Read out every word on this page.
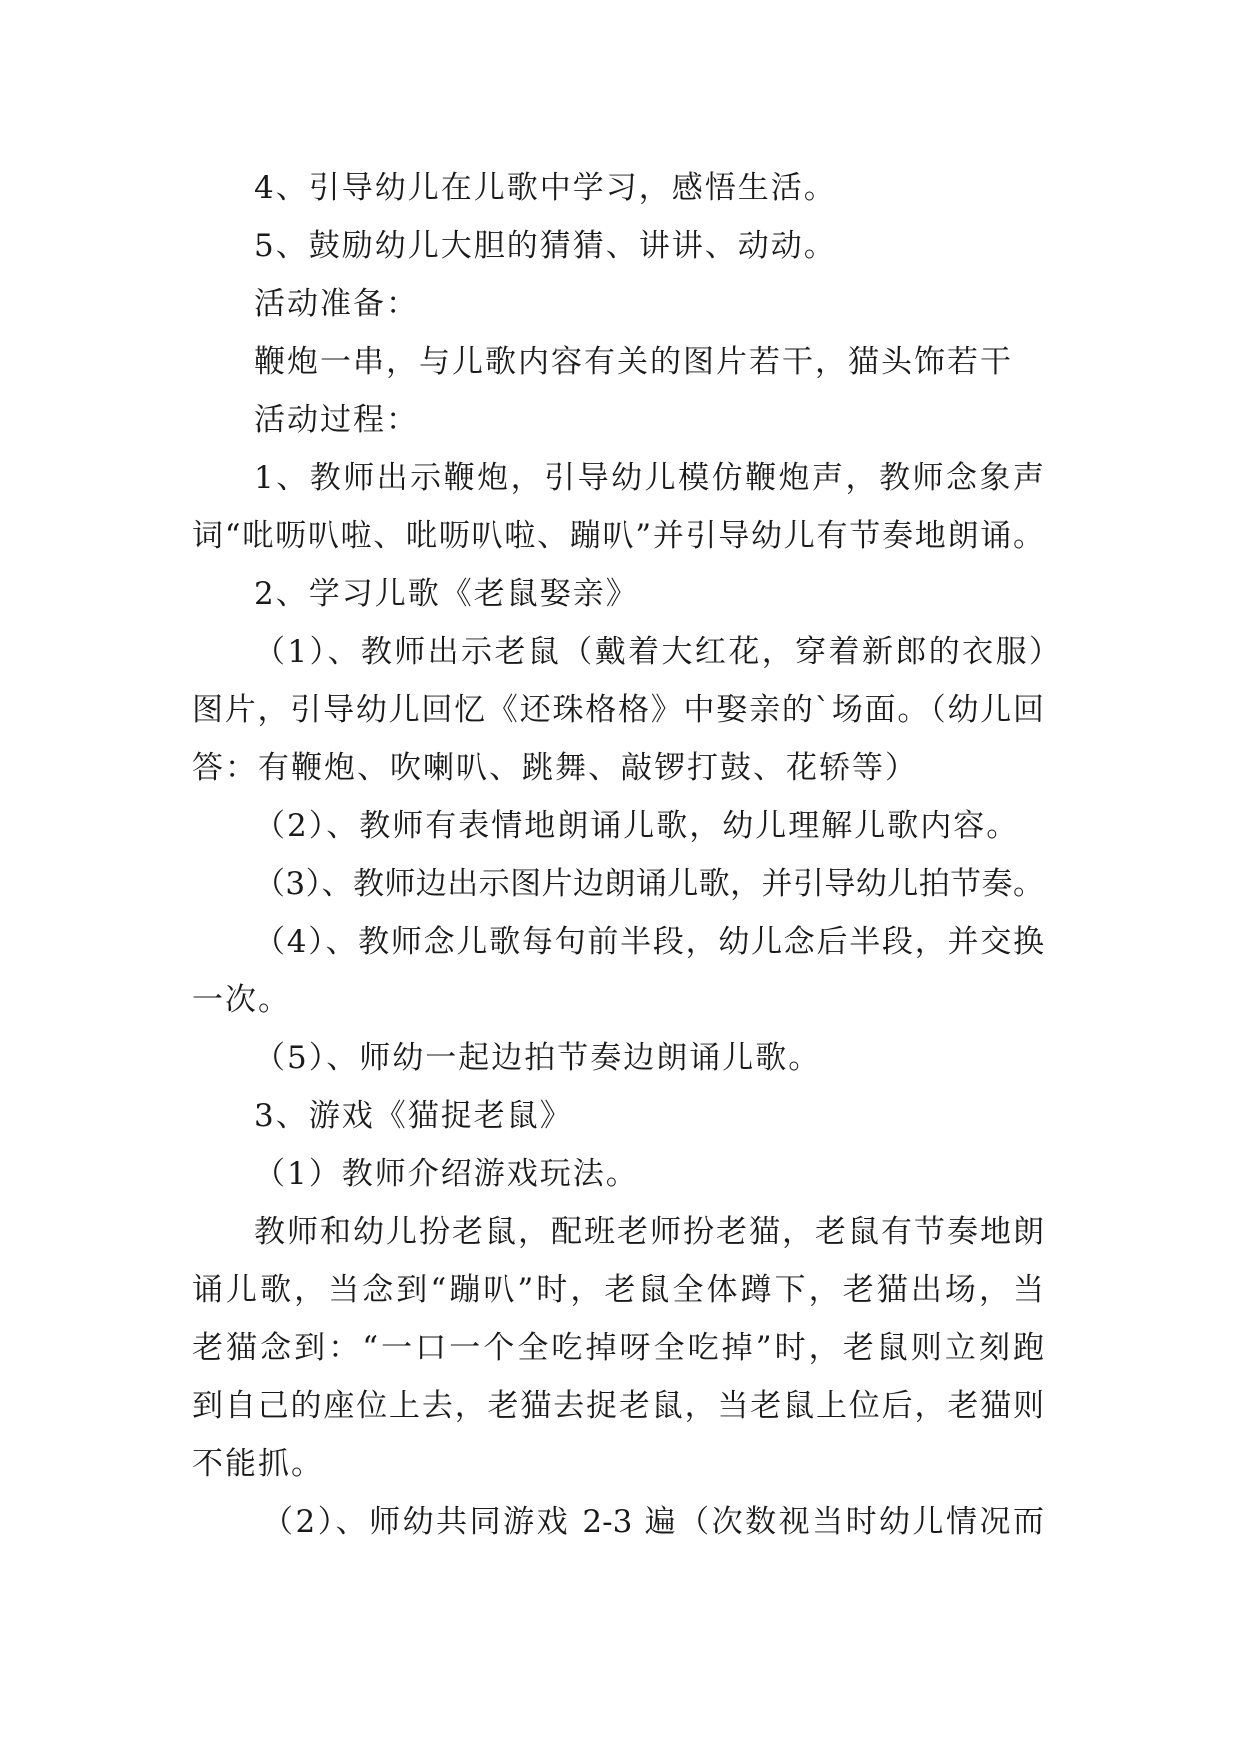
4、引导幼儿在儿歌中学习，感悟生活。

5、鼓励幼儿大胆的猜猜、讲讲、动动。

活动准备：

鞭炮一串，与儿歌内容有关的图片若干，猫头饰若干

活动过程：

1、教师出示鞭炮，引导幼儿模仿鞭炮声，教师念象声

词“吡呖叭啦、吡呖叭啦、蹦叭”并引导幼儿有节奏地朗诵。

2、学习儿歌《老鼠娶亲》

（1）、教师出示老鼠（戴着大红花，穿着新郎的衣服）

图片，引导幼儿回忆《还珠格格》中娶亲的`场面。（幼儿回

答：有鞭炮、吹喇叭、跳舞、敲锣打鼓、花轿等）

（2）、教师有表情地朗诵儿歌，幼儿理解儿歌内容。

（3）、教师边出示图片边朗诵儿歌，并引导幼儿拍节奏。

（4）、教师念儿歌每句前半段，幼儿念后半段，并交换

一次。

（5）、师幼一起边拍节奏边朗诵儿歌。

3、游戏《猫捉老鼠》

（1）教师介绍游戏玩法。

教师和幼儿扮老鼠，配班老师扮老猫，老鼠有节奏地朗

诵儿歌，当念到“蹦叭”时，老鼠全体蹲下，老猫出场，当

老猫念到：“一口一个全吃掉呀全吃掉”时，老鼠则立刻跑

到自己的座位上去，老猫去捉老鼠，当老鼠上位后，老猫则

不能抓。

（2）、师幼共同游戏 2-3 遍（次数视当时幼儿情况而
